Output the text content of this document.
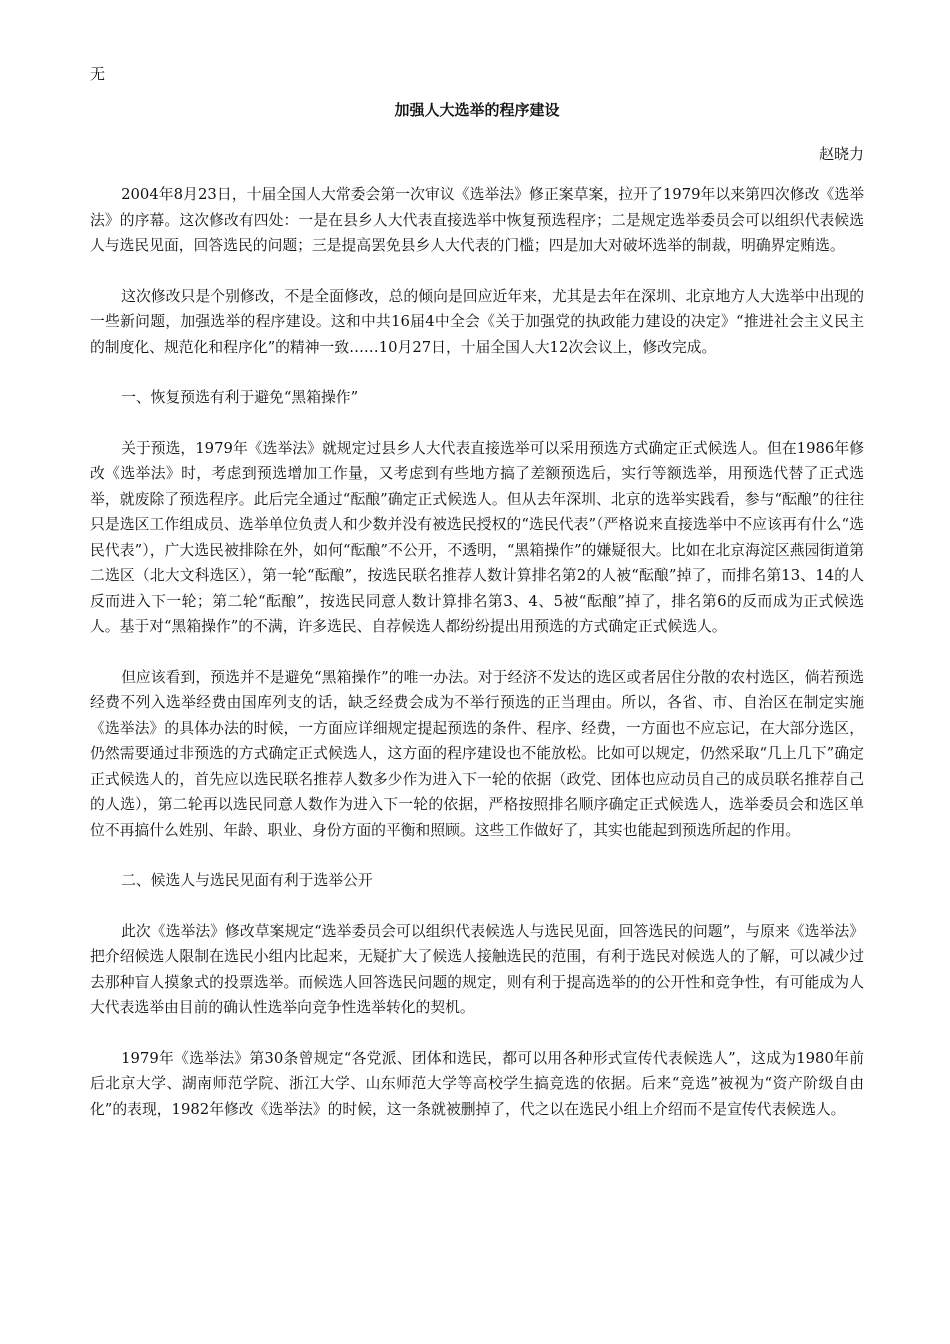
无
加强人大选举的程序建设
赵晓力

2004年8月23日，十届全国人大常委会第一次审议《选举法》修正案草案，拉开了1979年以来第四次修改《选举法》的序幕。这次修改有四处：一是在县乡人大代表直接选举中恢复预选程序；二是规定选举委员会可以组织代表候选人与选民见面，回答选民的问题；三是提高罢免县乡人大代表的门槛；四是加大对破坏选举的制裁，明确界定贿选。

这次修改只是个别修改，不是全面修改，总的倾向是回应近年来，尤其是去年在深圳、北京地方人大选举中出现的一些新问题，加强选举的程序建设。这和中共16届4中全会《关于加强党的执政能力建设的决定》“推进社会主义民主的制度化、规范化和程序化”的精神一致……10月27日，十届全国人大12次会议上，修改完成。

一、恢复预选有利于避免“黑箱操作”

关于预选，1979年《选举法》就规定过县乡人大代表直接选举可以采用预选方式确定正式候选人。但在1986年修改《选举法》时，考虑到预选增加工作量，又考虑到有些地方搞了差额预选后，实行等额选举，用预选代替了正式选举，就废除了预选程序。此后完全通过“酝酿”确定正式候选人。但从去年深圳、北京的选举实践看，参与“酝酿”的往往只是选区工作组成员、选举单位负责人和少数并没有被选民授权的“选民代表”（严格说来直接选举中不应该再有什么“选民代表”），广大选民被排除在外，如何“酝酿”不公开，不透明，“黑箱操作”的嫌疑很大。比如在北京海淀区燕园街道第二选区（北大文科选区），第一轮“酝酿”，按选民联名推荐人数计算排名第2的人被“酝酿”掉了，而排名第13、14的人反而进入下一轮；第二轮“酝酿”，按选民同意人数计算排名第3、4、5被“酝酿”掉了，排名第6的反而成为正式候选人。基于对“黑箱操作”的不满，许多选民、自荐候选人都纷纷提出用预选的方式确定正式候选人。

但应该看到，预选并不是避免“黑箱操作”的唯一办法。对于经济不发达的选区或者居住分散的农村选区，倘若预选经费不列入选举经费由国库列支的话，缺乏经费会成为不举行预选的正当理由。所以，各省、市、自治区在制定实施《选举法》的具体办法的时候，一方面应详细规定提起预选的条件、程序、经费，一方面也不应忘记，在大部分选区，仍然需要通过非预选的方式确定正式候选人，这方面的程序建设也不能放松。比如可以规定，仍然采取“几上几下”确定正式候选人的，首先应以选民联名推荐人数多少作为进入下一轮的依据（政党、团体也应动员自己的成员联名推荐自己的人选），第二轮再以选民同意人数作为进入下一轮的依据，严格按照排名顺序确定正式候选人，选举委员会和选区单位不再搞什么姓别、年龄、职业、身份方面的平衡和照顾。这些工作做好了，其实也能起到预选所起的作用。

二、候选人与选民见面有利于选举公开

此次《选举法》修改草案规定“选举委员会可以组织代表候选人与选民见面，回答选民的问题”，与原来《选举法》把介绍候选人限制在选民小组内比起来，无疑扩大了候选人接触选民的范围，有利于选民对候选人的了解，可以减少过去那种盲人摸象式的投票选举。而候选人回答选民问题的规定，则有利于提高选举的的公开性和竞争性，有可能成为人大代表选举由目前的确认性选举向竞争性选举转化的契机。

1979年《选举法》第30条曾规定“各党派、团体和选民，都可以用各种形式宣传代表候选人”，这成为1980年前后北京大学、湖南师范学院、浙江大学、山东师范大学等高校学生搞竞选的依据。后来“竞选”被视为“资产阶级自由化”的表现，1982年修改《选举法》的时候，这一条就被删掉了，代之以在选民小组上介绍而不是宣传代表候选人。
